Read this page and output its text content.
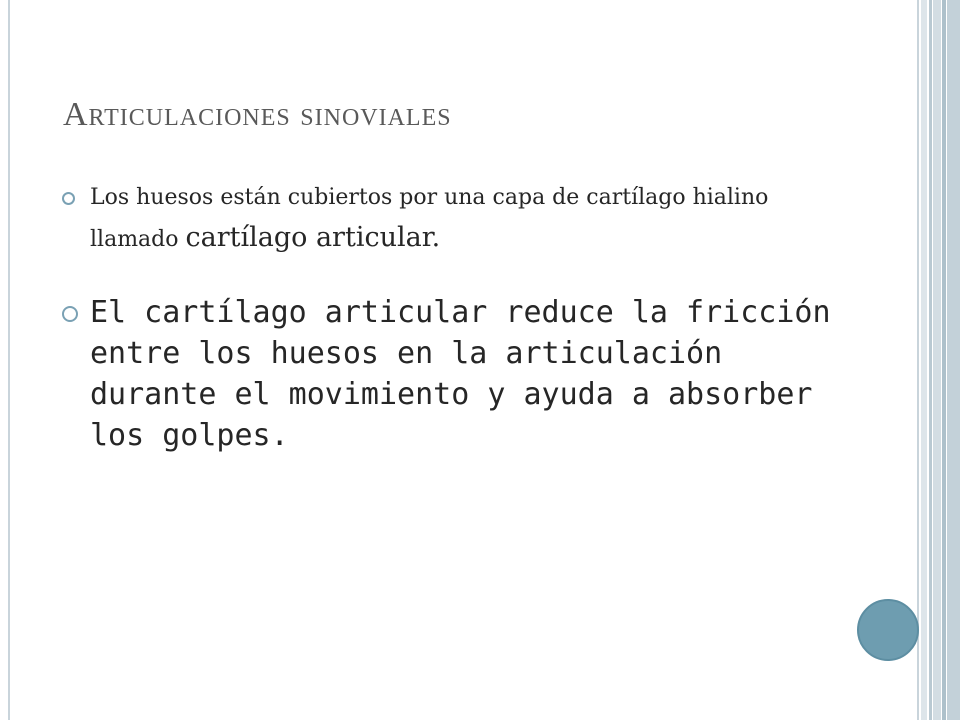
Articulaciones sinoviales
Los huesos están cubiertos por una capa de cartílago hialino llamado cartílago articular.
El cartílago articular reduce la fricción entre los huesos en la articulación durante el movimiento y ayuda a absorber los golpes.
